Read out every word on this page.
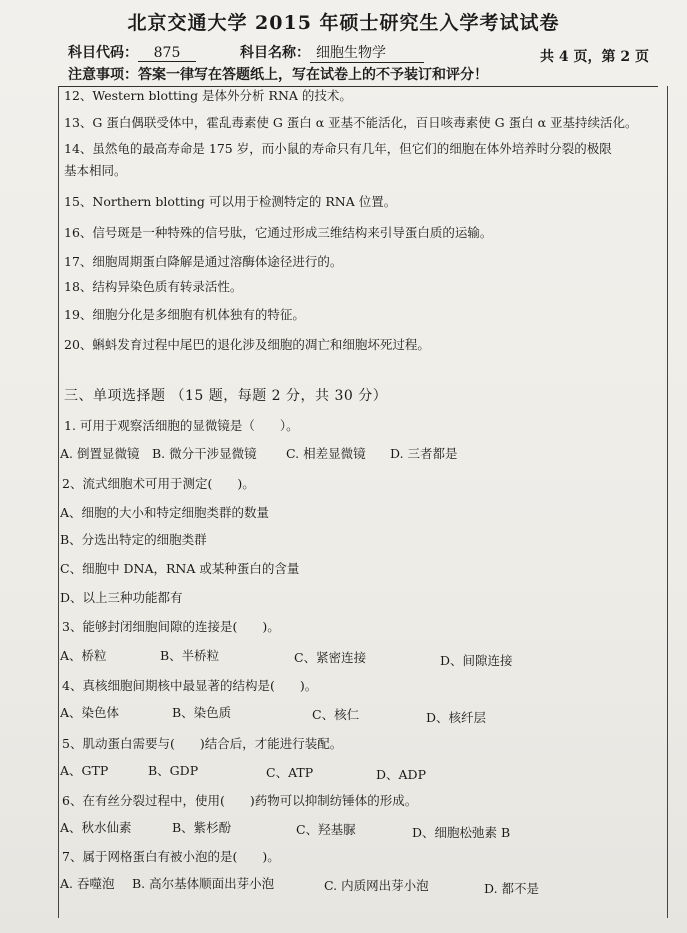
北京交通大学 2015 年硕士研究生入学考试试卷
科目代码： 875	科目名称： 细胞生物学	共 4 页，第 2 页
注意事项：答案一律写在答题纸上，写在试卷上的不予装订和评分！
12、Western blotting 是体外分析 RNA 的技术。
13、G 蛋白偶联受体中，霍乱毒素使 G 蛋白 α 亚基不能活化，百日咳毒素使 G 蛋白 α 亚基持续活化。
14、虽然龟的最高寿命是 175 岁，而小鼠的寿命只有几年，但它们的细胞在体外培养时分裂的极限
基本相同。
15、Northern blotting 可以用于检测特定的 RNA 位置。
16、信号斑是一种特殊的信号肽，它通过形成三维结构来引导蛋白质的运输。
17、细胞周期蛋白降解是通过溶酶体途径进行的。
18、结构异染色质有转录活性。
19、细胞分化是多细胞有机体独有的特征。
20、蝌蚪发育过程中尾巴的退化涉及细胞的凋亡和细胞坏死过程。
三、单项选择题 （15 题，每题 2 分，共 30 分）
1. 可用于观察活细胞的显微镜是（　　）。
A. 倒置显微镜 B. 微分干涉显微镜 C. 相差显微镜 D. 三者都是
2、流式细胞术可用于测定(　　)。
A、细胞的大小和特定细胞类群的数量
B、分选出特定的细胞类群
C、细胞中 DNA，RNA 或某种蛋白的含量
D、以上三种功能都有
3、能够封闭细胞间隙的连接是(　　)。
A、桥粒	B、半桥粒	C、紧密连接	D、间隙连接
4、真核细胞间期核中最显著的结构是(　　)。
A、染色体	B、染色质	C、核仁	D、核纤层
5、肌动蛋白需要与(　　)结合后，才能进行装配。
A、GTP	B、GDP	C、ATP	D、ADP
6、在有丝分裂过程中，使用(　　)药物可以抑制纺锤体的形成。
A、秋水仙素	B、紫杉酚	C、羟基脲	D、细胞松弛素 B
7、属于网格蛋白有被小泡的是(　　)。
A. 吞噬泡 B. 高尔基体顺面出芽小泡	C. 内质网出芽小泡	D. 都不是
